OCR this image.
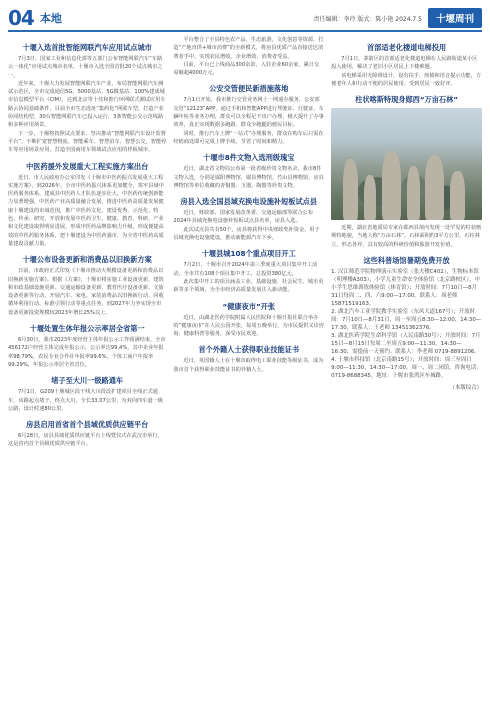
04 本地	责任编辑：李玲 版式：陈小艳 2024.7.5	十堰周刊
十堰入选首批智能网联汽车应用试点城市
7月3日，国家工业和信息化部等五部门公布智能网联汽车“车路云一体化”应用试点城市名单，十堰市入选全国首批20个试点城市之一。
近年来，十堰大力发展智能网联汽车产业，布局智能网联汽车测试示范区，全市完成通信5G、5000基站、5G微基站、100%建成城市信息模型平台（CIM），达到北京等十佳和推行环网联式测试应用车路云协同基础条件，目前全市生态选址“集约化”网联车型，打造产业协同结构型，30台智能网联汽车已投入运行，3条智能公交示范线路和多种应用场景。
下一步，十堰将按照试点要求，坚决推动“智能网联汽车设计监督平台”，不断扩宽智慧物流、智能乘车、智慧泊车、智慧公交，智能停车等应用场景应用，打造全国商用车领域试点应用的样板城市。
中医药援外发展重大工程实施方案出台
近日，市人民政府办公室印发《十堰市中医药振兴发展重大工程实施方案》，到2026年，全市中医药振兴体系更加健全，筑牢县域中医药服务体系，建成县中医药人才队伍逐步壮大，中医药传统创新能力显著增强，中医药产业高质量融合发展，推进中医药高质量发展健康十堰建设的市域范围，推广中医药文化，建设优秀、示范化、特色、传承、研究、开放和发展中医药卫生、健康、教育、科研、产业和文化建设取得明显进展，形成中医药品牌影响力升级，形成便捷高效的中医药服务体系，把十堰建设为中医药强市，为全省中医药高质量建设贡献力量。
十堰公布设备更新和消费品以旧换新方案
日前，市政府正式印发《十堰市推动大规模设备更新和消费品以旧换新实施方案》。根据《方案》，十堰市将实施工业设备更新、建筑和市政基础设施更新、交通运输设备更新、教育医疗设备更新、文旅设备更新等行动，开展汽车、家电、家装消费品以旧换新行动、回收循环利用行动、标准引领行动等重点任务，到2027年力争实现全市设备更新投资规模较2023年增长25%以上。
十堰处置生体年报公示率居全省第一
6月30日，我市2023年度经营主体年报公示工作圆满结束，全市456172户经营主体完成年报公示，公示率达99.4%，其中企业年报率98.79%，农民专业合作社年报率99.6%，个体工商户年报率99.29%，年报公示率居全省首位。
堵子至大川一级路通车
7月1日，G209十堰城区段干线大川段改扩建项目全线正式通车，该路起点堵子，终点大川，全长33.07公里，为双向四车道一级公路，设计时速80公里。
房县启用首省首个县域优质供应链平台
6月28日，房县县域优质供应链平台上线暨仪式在武汉市举行，这是省内首个县级优质供应链平台。
平台整合了全县特色农产品、生态旅游、文化创意等资源，打造“产地直供+城市消费”的全新模式，将房县优质产品直接送达消费者手中，实现农民增收、企业增效、消费者受益。
目前，平台已上线商品300余款，入驻企业60余家，累计交易额超4000万元。
公安交管便民新措施落地
7月1日开始，我市推行交管业务网上一网通办服务，公安部交管“12123”APP，通过手机和智能APP进行驾驶证、行驶证、车辆年检等业务办理，群众可以全程足不出户办理，极大提升了办事效率，真正实现数据多跑路、群众少跑腿的便民目标。
同时，推行汽车上牌“一站式”办理服务，群众在购车后只需在经销商处即可完成上牌手续，节省了时间和精力。
十堰市8件文物入选刑级瑰宝
近日，湖北省文物局公布第一批省级珍贵文物名录，我市8件文物入选，分别是郧阳博物馆、郧县博物馆、竹山县博物馆、房县博物馆等单位收藏的青铜器、玉器、陶器等珍贵文物。
房县入选全国县域充换电设施补短板试点县
近日，财政部、国家发展改革委、交通运输部等联合公布2024年县域充换电设施补短板试点县名单，房县入选。
此次试点县共有50个，房县将获得中央财政奖补资金，用于县域充换电设施建设，推动新能源汽车下乡。
十堰县城108个重点项目开工
7月2日，十堰市召开2024年第三季度重大项目集中开工活动，全市共有108个项目集中开工，总投资380亿元。
此次集中开工的项目涵盖工业、基础设施、社会民生、城市更新等多个领域，为全市经济高质量发展注入新动能。
“健康夜市”开张
近日，由湖北医药学院附属人民医院和十堰日报社联合举办的“健康夜市”在人民公园开张，每周五晚举行，为市民提供义诊咨询、健康科普等服务，深受市民欢迎。
首个外籍人士获得职业技能证书
近日，英国籍人士在十堰市取得电工职业技能等级证书，成为我市首个获得职业技能证书的外籍人士。
首部适老化楼道电梯投用
7月1日，茅箭区的首部适老化楼道电梯在人民路街道某小区投入使用，解决了老旧小区居民上下楼难题。
该电梯采用无障碍设计，设有扶手、座椅和语音提示功能，方便老年人和行动不便的居民使用，受到居民一致好评。
柱状喀斯特现身郧西“万亩石林”
近期，湖北省地质局专家在郧西县境内发现一处罕见的柱状喀斯特地貌，当地人称“万亩石林”。石林面积约3平方公里，石柱林立，形态各异，具有较高的科研价值和旅游开发价值。
这些科普场馆暑期免费开放
1. 汉江师范学院物理演示实验室（张夫楼C402），生物标本馆（明理楼A303），小学儿童生命安全体验馆（北京路校区），中小学生思维训练体验馆（体育馆）；开放时间：7月10日—8月31日每周二、四、六9:00—17:00。联系人：周老师 15871519163。
2. 湖北汽车工业学院教学实验室（东风大道167号）；开放时间：7月10日—8月31日，周一至周五8:30—12:00，14:30—17:30。联系人：王老师 13451362376。
3. 湖北医药学院生命科学馆（人民南路30号）；开放时间：7月15日—8月15日每周二至周五9:00—11:30，14:30—16:30，需提前一天预约。联系人：李老师 0719-8891206。
4. 十堰市科技馆（北京南路15号）；开放时间：周三至周日9:00—11:30，14:30—17:00，周一、周二闭馆。咨询电话：0719-8688345。地址：十堰市张湾区车城路。
（本版综合）
